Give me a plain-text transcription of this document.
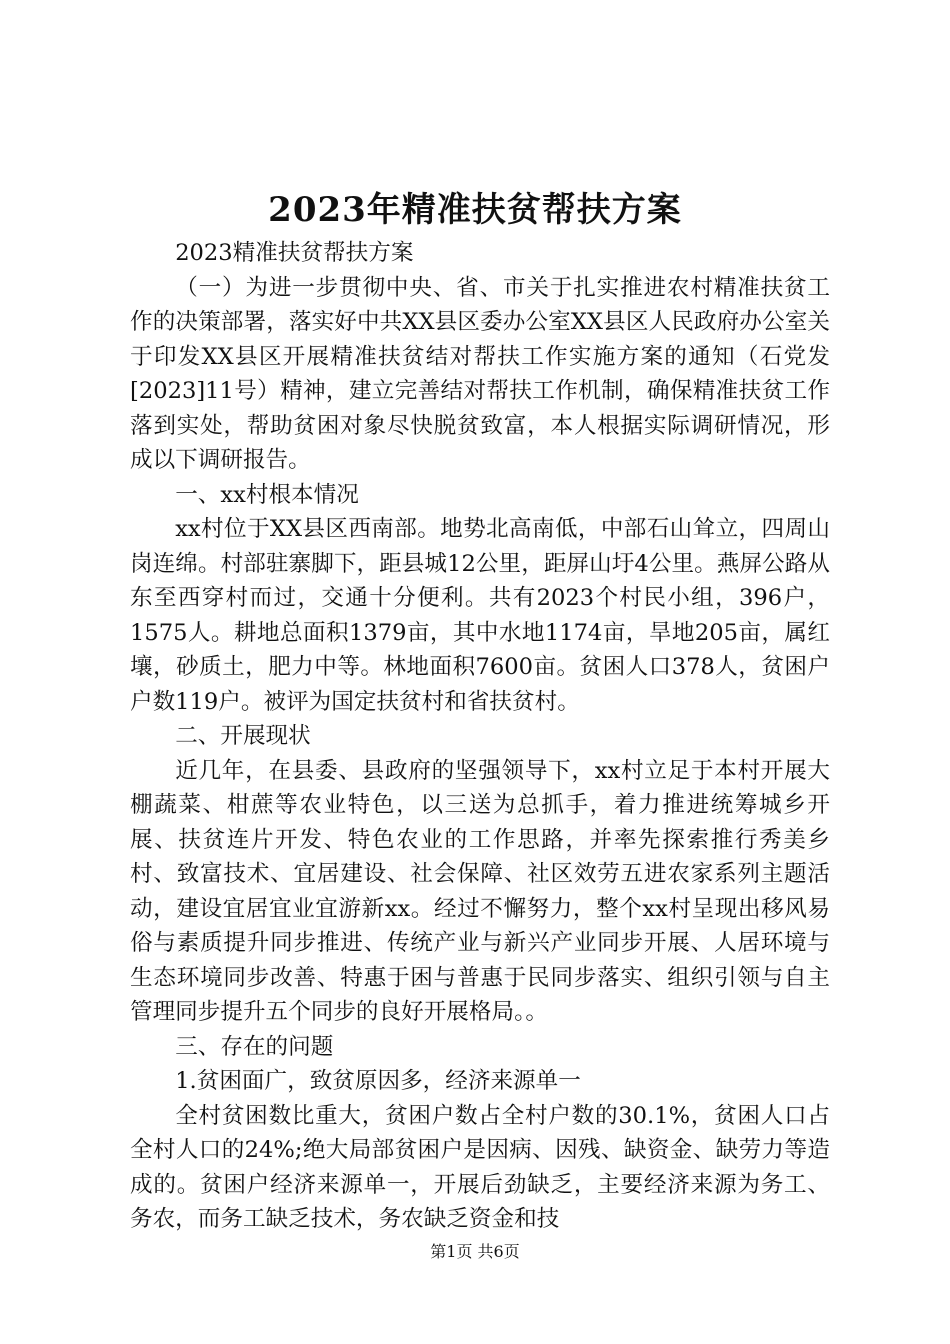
2023年精准扶贫帮扶方案

2023精准扶贫帮扶方案

（一）为进一步贯彻中央、省、市关于扎实推进农村精准扶贫工作的决策部署，落实好中共XX县区委办公室XX县区人民政府办公室关于印发XX县区开展精准扶贫结对帮扶工作实施方案的通知（石党发[2023]11号）精神，建立完善结对帮扶工作机制，确保精准扶贫工作落到实处，帮助贫困对象尽快脱贫致富，本人根据实际调研情况，形成以下调研报告。

一、xx村根本情况

xx村位于XX县区西南部。地势北高南低，中部石山耸立，四周山岗连绵。村部驻寨脚下，距县城12公里，距屏山圩4公里。燕屏公路从东至西穿村而过，交通十分便利。共有2023个村民小组，396户，1575人。耕地总面积1379亩，其中水地1174亩，旱地205亩，属红壤，砂质土，肥力中等。林地面积7600亩。贫困人口378人，贫困户户数119户。被评为国定扶贫村和省扶贫村。

二、开展现状

近几年，在县委、县政府的坚强领导下，xx村立足于本村开展大棚蔬菜、柑蔗等农业特色，以三送为总抓手，着力推进统筹城乡开展、扶贫连片开发、特色农业的工作思路，并率先探索推行秀美乡村、致富技术、宜居建设、社会保障、社区效劳五进农家系列主题活动，建设宜居宜业宜游新xx。经过不懈努力，整个xx村呈现出移风易俗与素质提升同步推进、传统产业与新兴产业同步开展、人居环境与生态环境同步改善、特惠于困与普惠于民同步落实、组织引领与自主管理同步提升五个同步的良好开展格局。。

三、存在的问题

1.贫困面广，致贫原因多，经济来源单一

全村贫困数比重大，贫困户数占全村户数的30.1%，贫困人口占全村人口的24%;绝大局部贫困户是因病、因残、缺资金、缺劳力等造成的。贫困户经济来源单一，开展后劲缺乏，主要经济来源为务工、务农，而务工缺乏技术，务农缺乏资金和技

第1页 共6页
